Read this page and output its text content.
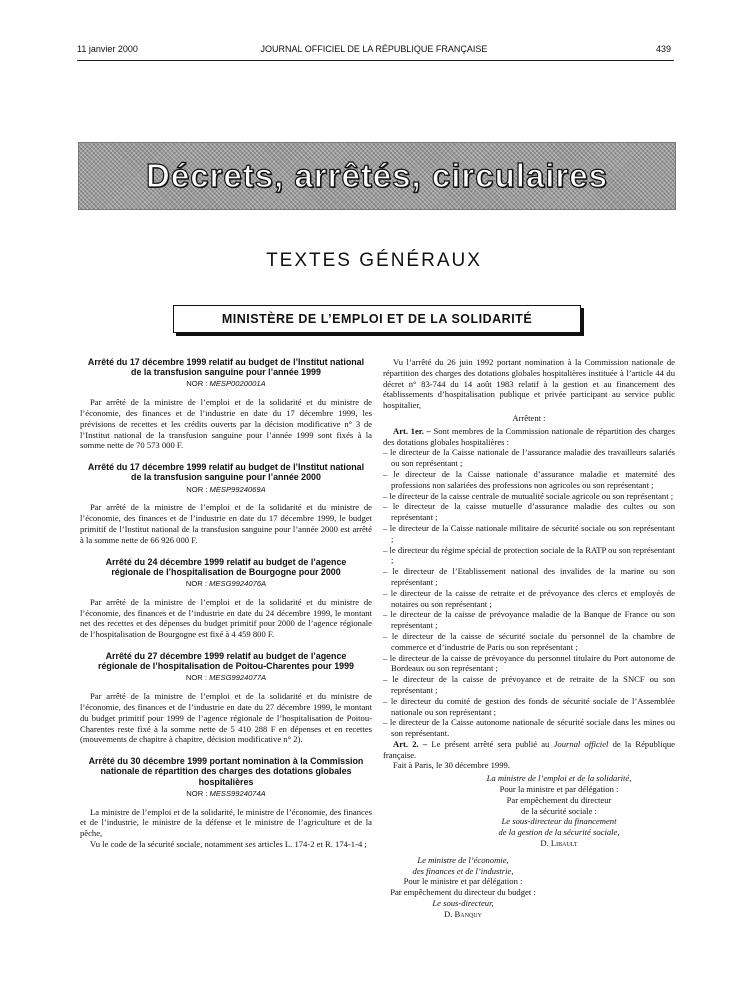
11 janvier 2000	JOURNAL OFFICIEL DE LA RÉPUBLIQUE FRANÇAISE	439
Décrets, arrêtés, circulaires
TEXTES GÉNÉRAUX
MINISTÈRE DE L’EMPLOI ET DE LA SOLIDARITÉ
Arrêté du 17 décembre 1999 relatif au budget de l’Institut national de la transfusion sanguine pour l’année 1999
NOR : MESP0020001A

Par arrêté de la ministre de l’emploi et de la solidarité et du ministre de l’économie, des finances et de l’industrie en date du 17 décembre 1999, les prévisions de recettes et les crédits ouverts par la décision modificative n° 3 de l’Institut national de la transfusion sanguine pour l’année 1999 sont fixés à la somme nette de 70 573 000 F.

Arrêté du 17 décembre 1999 relatif au budget de l’Institut national de la transfusion sanguine pour l’année 2000
NOR : MESP9924069A

Par arrêté de la ministre de l’emploi et de la solidarité et du ministre de l’économie, des finances et de l’industrie en date du 17 décembre 1999, le budget primitif de l’Institut national de la transfusion sanguine pour l’année 2000 est arrêté à la somme nette de 66 926 000 F.

Arrêté du 24 décembre 1999 relatif au budget de l’agence régionale de l’hospitalisation de Bourgogne pour 2000
NOR : MESG9924076A

Par arrêté de la ministre de l’emploi et de la solidarité et du ministre de l’économie, des finances et de l’industrie en date du 24 décembre 1999, le montant net des recettes et des dépenses du budget primitif pour 2000 de l’agence régionale de l’hospitalisation de Bourgogne est fixé à 4 459 800 F.

Arrêté du 27 décembre 1999 relatif au budget de l’agence régionale de l’hospitalisation de Poitou-Charentes pour 1999
NOR : MESG9924077A

Par arrêté de la ministre de l’emploi et de la solidarité et du ministre de l’économie, des finances et de l’industrie en date du 27 décembre 1999, le montant du budget primitif pour 1999 de l’agence régionale de l’hospitalisation de Poitou-Charentes reste fixé à la somme nette de 5 410 288 F en dépenses et en recettes (mouvements de chapitre à chapitre, décision modificative n° 2).

Arrêté du 30 décembre 1999 portant nomination à la Commission nationale de répartition des charges des dotations globales hospitalières
NOR : MESS9924074A

La ministre de l’emploi et de la solidarité, le ministre de l’économie, des finances et de l’industrie, le ministre de la défense et le ministre de l’agriculture et de la pêche,

Vu le code de la sécurité sociale, notamment ses articles L. 174-2 et R. 174-1-4 ;

Vu l’arrêté du 26 juin 1992 portant nomination à la Commission nationale de répartition des charges des dotations globales hospitalières instituée à l’article 44 du décret n° 83-744 du 14 août 1983 relatif à la gestion et au financement des établissements d’hospitalisation publique et privée participant au service public hospitalier,

Arrêtent :

Art. 1er. – Sont membres de la Commission nationale de répartition des charges des dotations globales hospitalières :

– le directeur de la Caisse nationale de l’assurance maladie des travailleurs salariés ou son représentant ;
– le directeur de la Caisse nationale d’assurance maladie et maternité des professions non salariées des professions non agricoles ou son représentant ;
– le directeur de la caisse centrale de mutualité sociale agricole ou son représentant ;
– le directeur de la caisse mutuelle d’assurance maladie des cultes ou son représentant ;
– le directeur de la Caisse nationale militaire de sécurité sociale ou son représentant ;
– le directeur du régime spécial de protection sociale de la RATP ou son représentant ;
– le directeur de l’Etablissement national des invalides de la marine ou son représentant ;
– le directeur de la caisse de retraite et de prévoyance des clercs et employés de notaires ou son représentant ;
– le directeur de la caisse de prévoyance maladie de la Banque de France ou son représentant ;
– le directeur de la caisse de sécurité sociale du personnel de la chambre de commerce et d’industrie de Paris ou son représentant ;
– le directeur de la caisse de prévoyance du personnel titulaire du Port autonome de Bordeaux ou son représentant ;
– le directeur de la caisse de prévoyance et de retraite de la SNCF ou son représentant ;
– le directeur du comité de gestion des fonds de sécurité sociale de l’Assemblée nationale ou son représentant ;
– le directeur de la Caisse autonome nationale de sécurité sociale dans les mines ou son représentant.

Art. 2. – Le présent arrêté sera publié au Journal officiel de la République française.

Fait à Paris, le 30 décembre 1999.

La ministre de l’emploi et de la solidarité,
Pour la ministre et par délégation :
Par empêchement du directeur
de la sécurité sociale :
Le sous-directeur du financement
de la gestion de la sécurité sociale,
D. Libault
Le ministre de l’économie,
des finances et de l’industrie,
Pour le ministre et par délégation :
Par empêchement du directeur du budget :
Le sous-directeur,
D. Banquy
